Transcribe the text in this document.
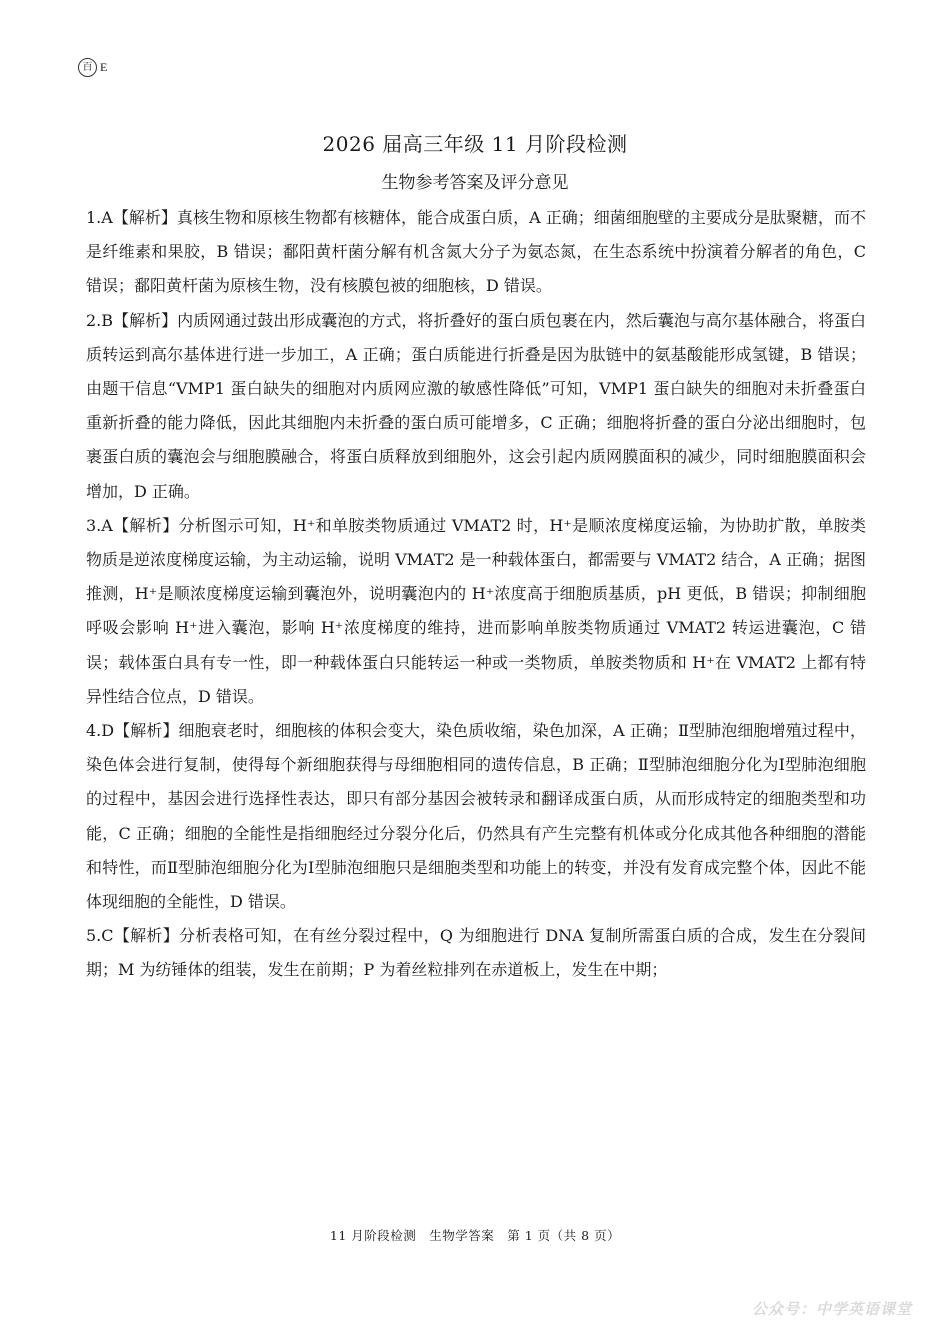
百 E
2026 届高三年级 11 月阶段检测
生物参考答案及评分意见

1.A【解析】真核生物和原核生物都有核糖体，能合成蛋白质，A 正确；细菌细胞壁的主要成分是肽聚糖，而不是纤维素和果胶，B 错误；鄱阳黄杆菌分解有机含氮大分子为氨态氮，在生态系统中扮演着分解者的角色，C 错误；鄱阳黄杆菌为原核生物，没有核膜包被的细胞核，D 错误。

2.B【解析】内质网通过鼓出形成囊泡的方式，将折叠好的蛋白质包裹在内，然后囊泡与高尔基体融合，将蛋白质转运到高尔基体进行进一步加工，A 正确；蛋白质能进行折叠是因为肽链中的氨基酸能形成氢键，B 错误；由题干信息“VMP1 蛋白缺失的细胞对内质网应激的敏感性降低”可知，VMP1 蛋白缺失的细胞对未折叠蛋白重新折叠的能力降低，因此其细胞内未折叠的蛋白质可能增多，C 正确；细胞将折叠的蛋白分泌出细胞时，包裹蛋白质的囊泡会与细胞膜融合，将蛋白质释放到细胞外，这会引起内质网膜面积的减少，同时细胞膜面积会增加，D 正确。

3.A【解析】分析图示可知，H⁺和单胺类物质通过 VMAT2 时，H⁺是顺浓度梯度运输，为协助扩散，单胺类物质是逆浓度梯度运输，为主动运输，说明 VMAT2 是一种载体蛋白，都需要与 VMAT2 结合，A 正确；据图推测，H⁺是顺浓度梯度运输到囊泡外，说明囊泡内的 H⁺浓度高于细胞质基质，pH 更低，B 错误；抑制细胞呼吸会影响 H⁺进入囊泡，影响 H⁺浓度梯度的维持，进而影响单胺类物质通过 VMAT2 转运进囊泡，C 错误；载体蛋白具有专一性，即一种载体蛋白只能转运一种或一类物质，单胺类物质和 H⁺在 VMAT2 上都有特异性结合位点，D 错误。

4.D【解析】细胞衰老时，细胞核的体积会变大，染色质收缩，染色加深，A 正确；Ⅱ型肺泡细胞增殖过程中，染色体会进行复制，使得每个新细胞获得与母细胞相同的遗传信息，B 正确；Ⅱ型肺泡细胞分化为Ⅰ型肺泡细胞的过程中，基因会进行选择性表达，即只有部分基因会被转录和翻译成蛋白质，从而形成特定的细胞类型和功能，C 正确；细胞的全能性是指细胞经过分裂分化后，仍然具有产生完整有机体或分化成其他各种细胞的潜能和特性，而Ⅱ型肺泡细胞分化为Ⅰ型肺泡细胞只是细胞类型和功能上的转变，并没有发育成完整个体，因此不能体现细胞的全能性，D 错误。

5.C【解析】分析表格可知，在有丝分裂过程中，Q 为细胞进行 DNA 复制所需蛋白质的合成，发生在分裂间期；M 为纺锤体的组装，发生在前期；P 为着丝粒排列在赤道板上，发生在中期；

11 月阶段检测　生物学答案　第 1 页（共 8 页）
公众号：中学英语课堂
